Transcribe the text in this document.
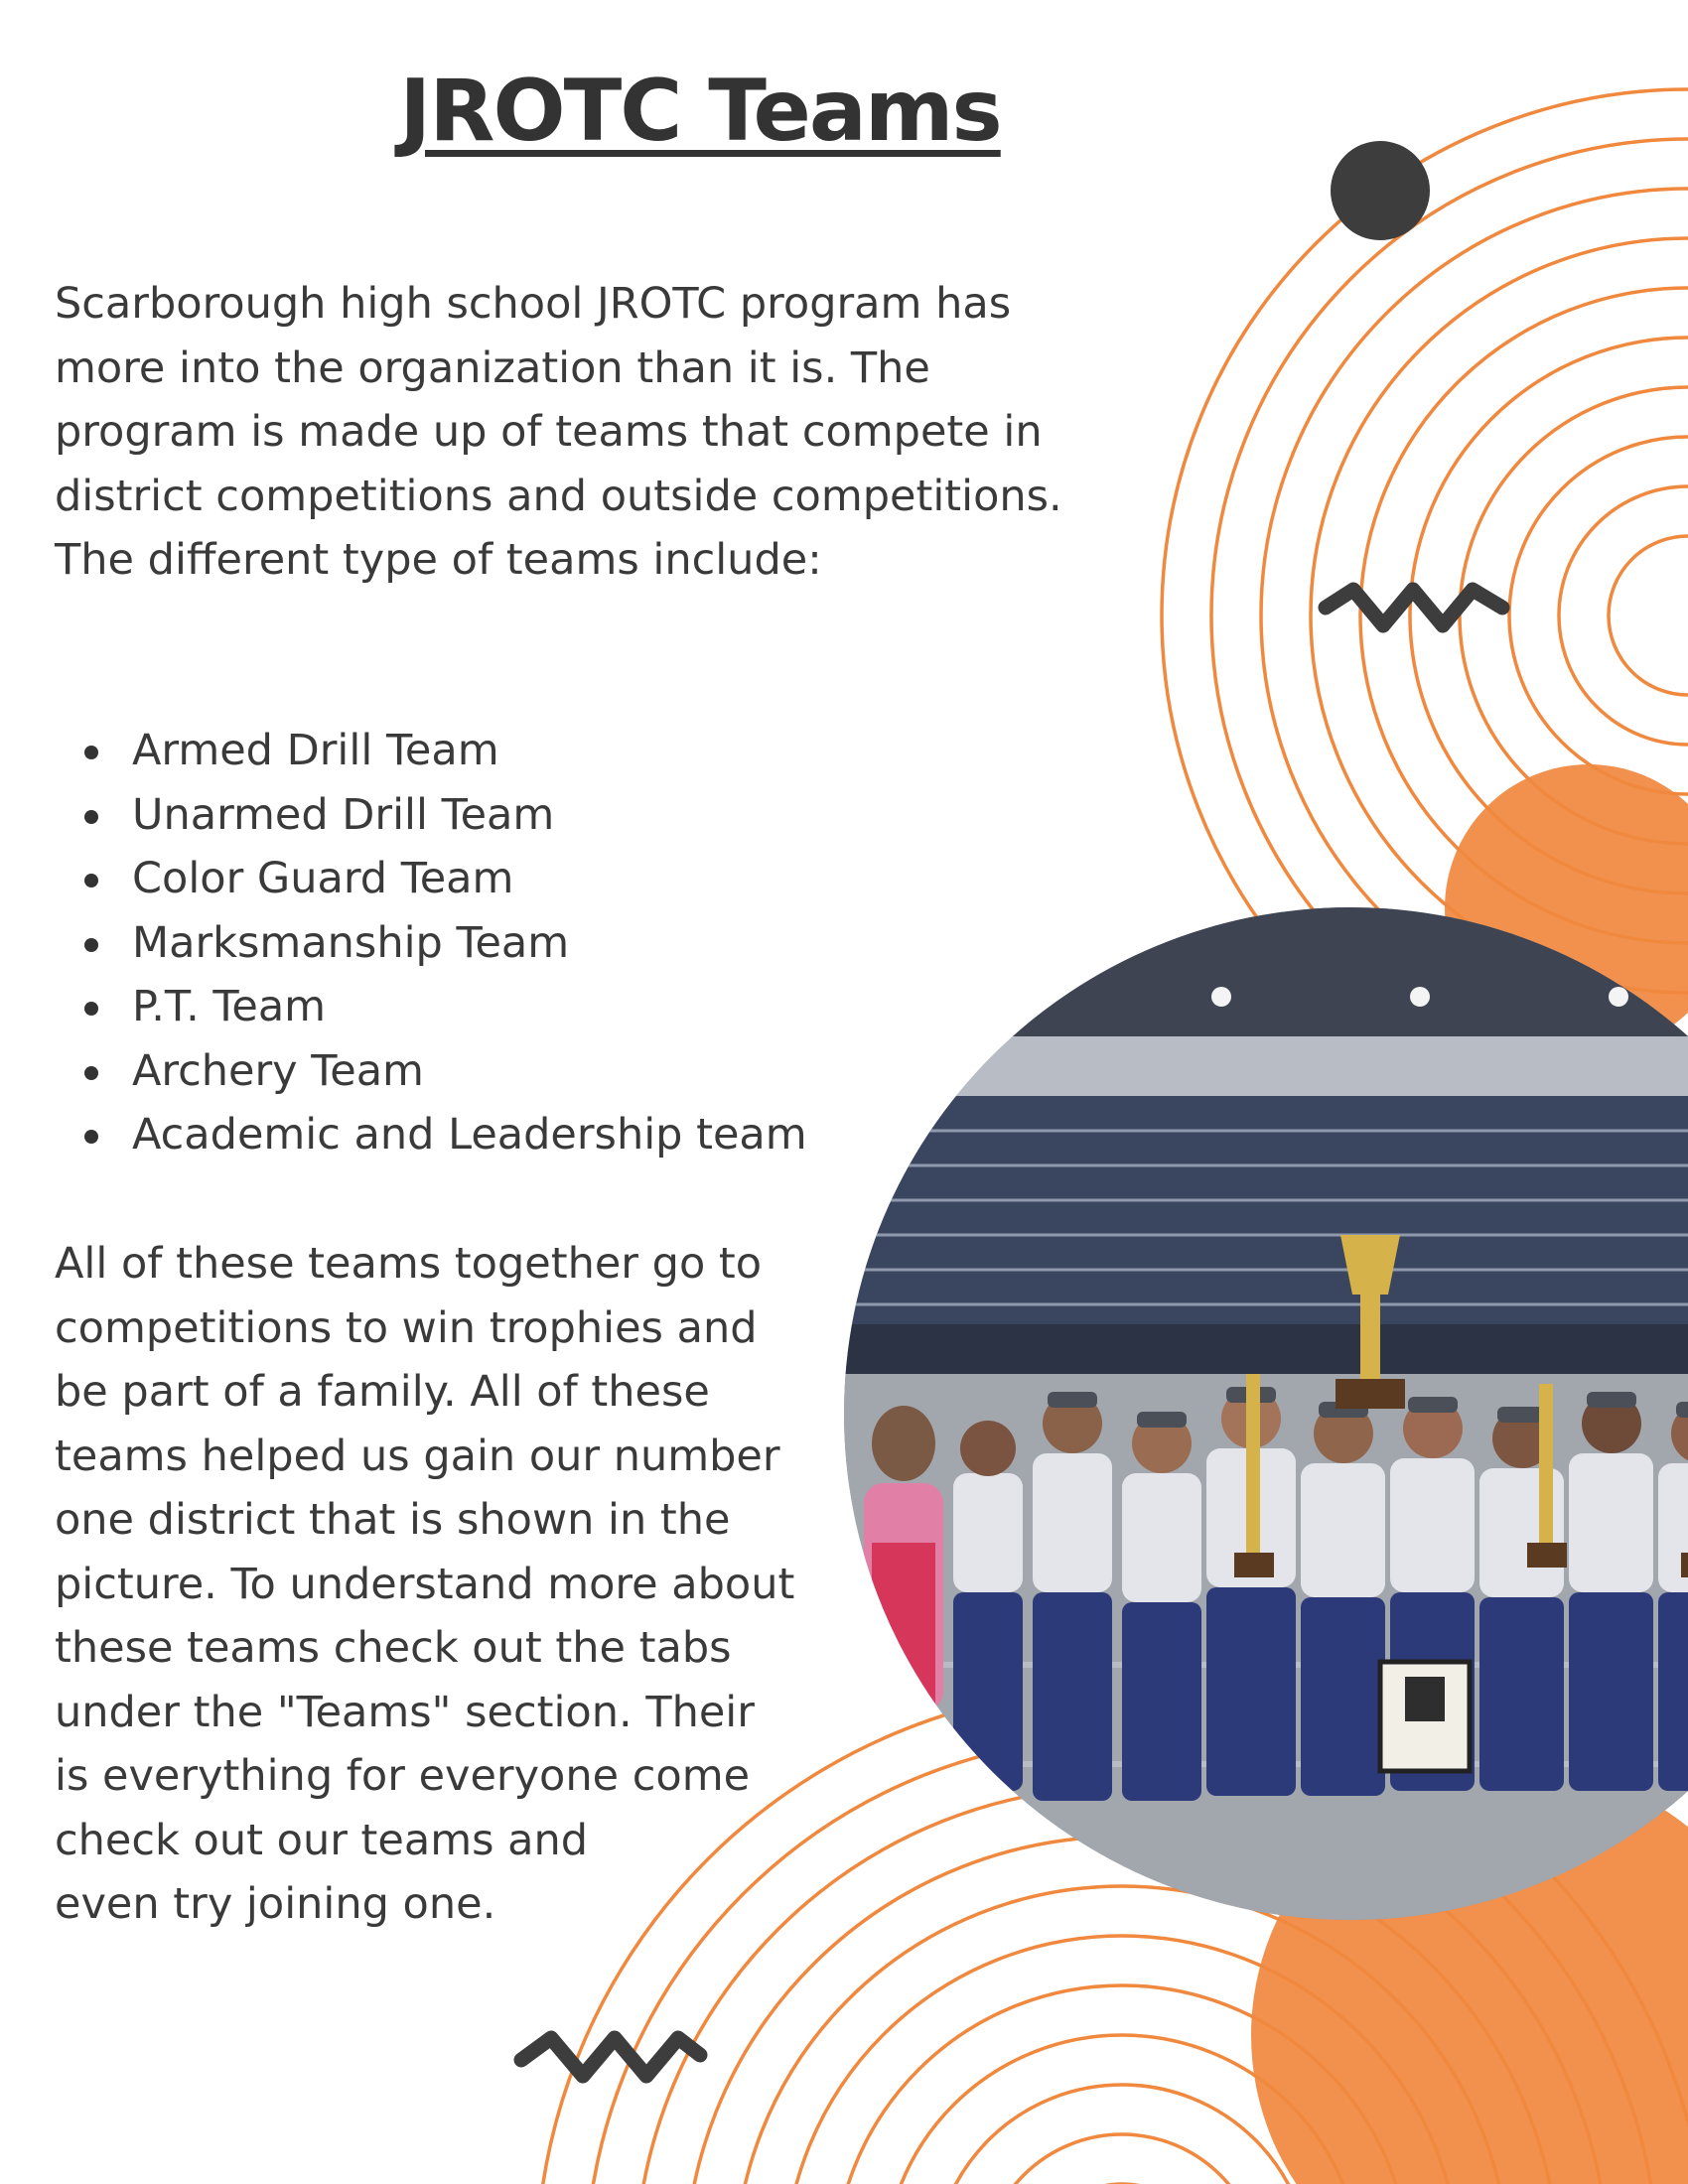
JROTC Teams

Scarborough high school JROTC program has more into the organization than it is. The program is made up of teams that compete in district competitions and outside competitions. The different type of teams include:

Armed Drill Team
Unarmed Drill Team
Color Guard Team
Marksmanship Team
P.T. Team
Archery Team
Academic and Leadership team

All of these teams together go to
competitions to win trophies and
be part of a family. All of these
teams helped us gain our number
one district that is shown in the
picture. To understand more about
these teams check out the tabs
under the "Teams" section. Their
is everything for everyone come
check out our teams and
even try joining one.
